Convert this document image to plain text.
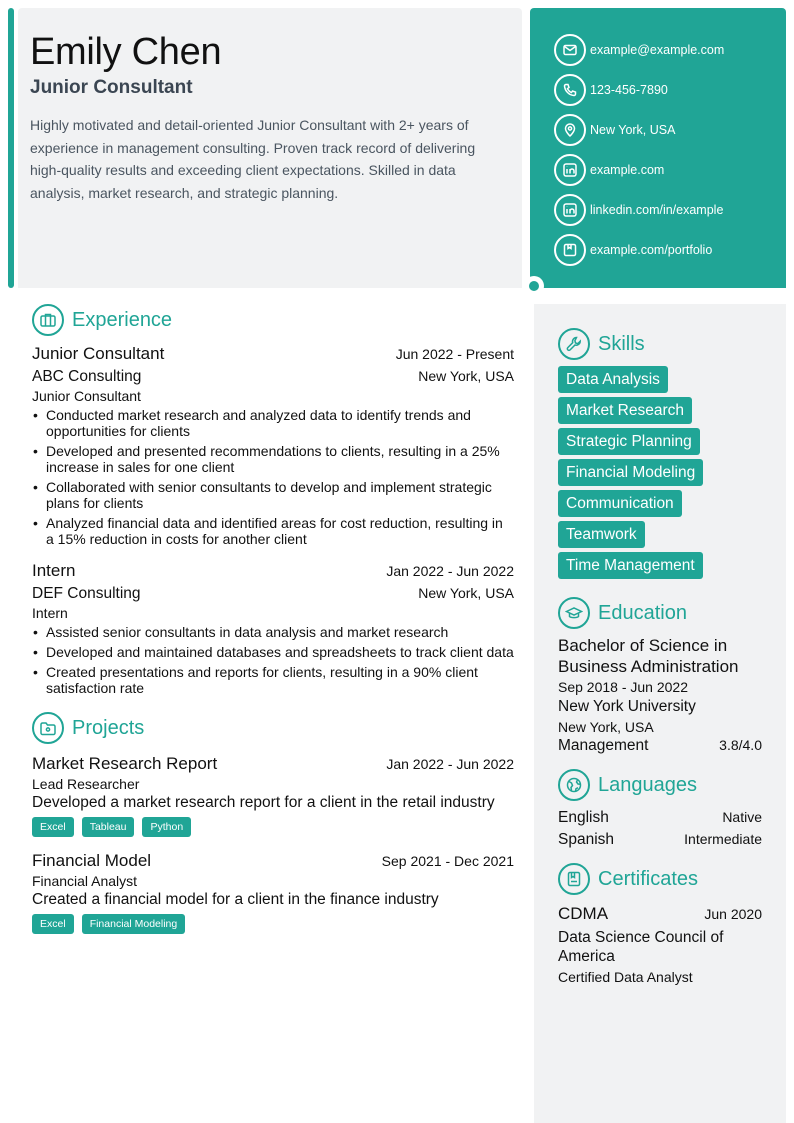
Emily Chen
Junior Consultant
Highly motivated and detail-oriented Junior Consultant with 2+ years of experience in management consulting. Proven track record of delivering high-quality results and exceeding client expectations. Skilled in data analysis, market research, and strategic planning.
example@example.com
123-456-7890
New York, USA
example.com
linkedin.com/in/example
example.com/portfolio
Experience
Junior Consultant	Jun 2022 - Present
ABC Consulting	New York, USA
Junior Consultant
• Conducted market research and analyzed data to identify trends and opportunities for clients
• Developed and presented recommendations to clients, resulting in a 25% increase in sales for one client
• Collaborated with senior consultants to develop and implement strategic plans for clients
• Analyzed financial data and identified areas for cost reduction, resulting in a 15% reduction in costs for another client
Intern	Jan 2022 - Jun 2022
DEF Consulting	New York, USA
Intern
• Assisted senior consultants in data analysis and market research
• Developed and maintained databases and spreadsheets to track client data
• Created presentations and reports for clients, resulting in a 90% client satisfaction rate
Projects
Market Research Report	Jan 2022 - Jun 2022
Lead Researcher
Developed a market research report for a client in the retail industry
Excel	Tableau	Python
Financial Model	Sep 2021 - Dec 2021
Financial Analyst
Created a financial model for a client in the finance industry
Excel	Financial Modeling
Skills
Data Analysis
Market Research
Strategic Planning
Financial Modeling
Communication
Teamwork
Time Management
Education
Bachelor of Science in Business Administration
Sep 2018 - Jun 2022
New York University
New York, USA
Management	3.8/4.0
Languages
English	Native
Spanish	Intermediate
Certificates
CDMA	Jun 2020
Data Science Council of America
Certified Data Analyst
